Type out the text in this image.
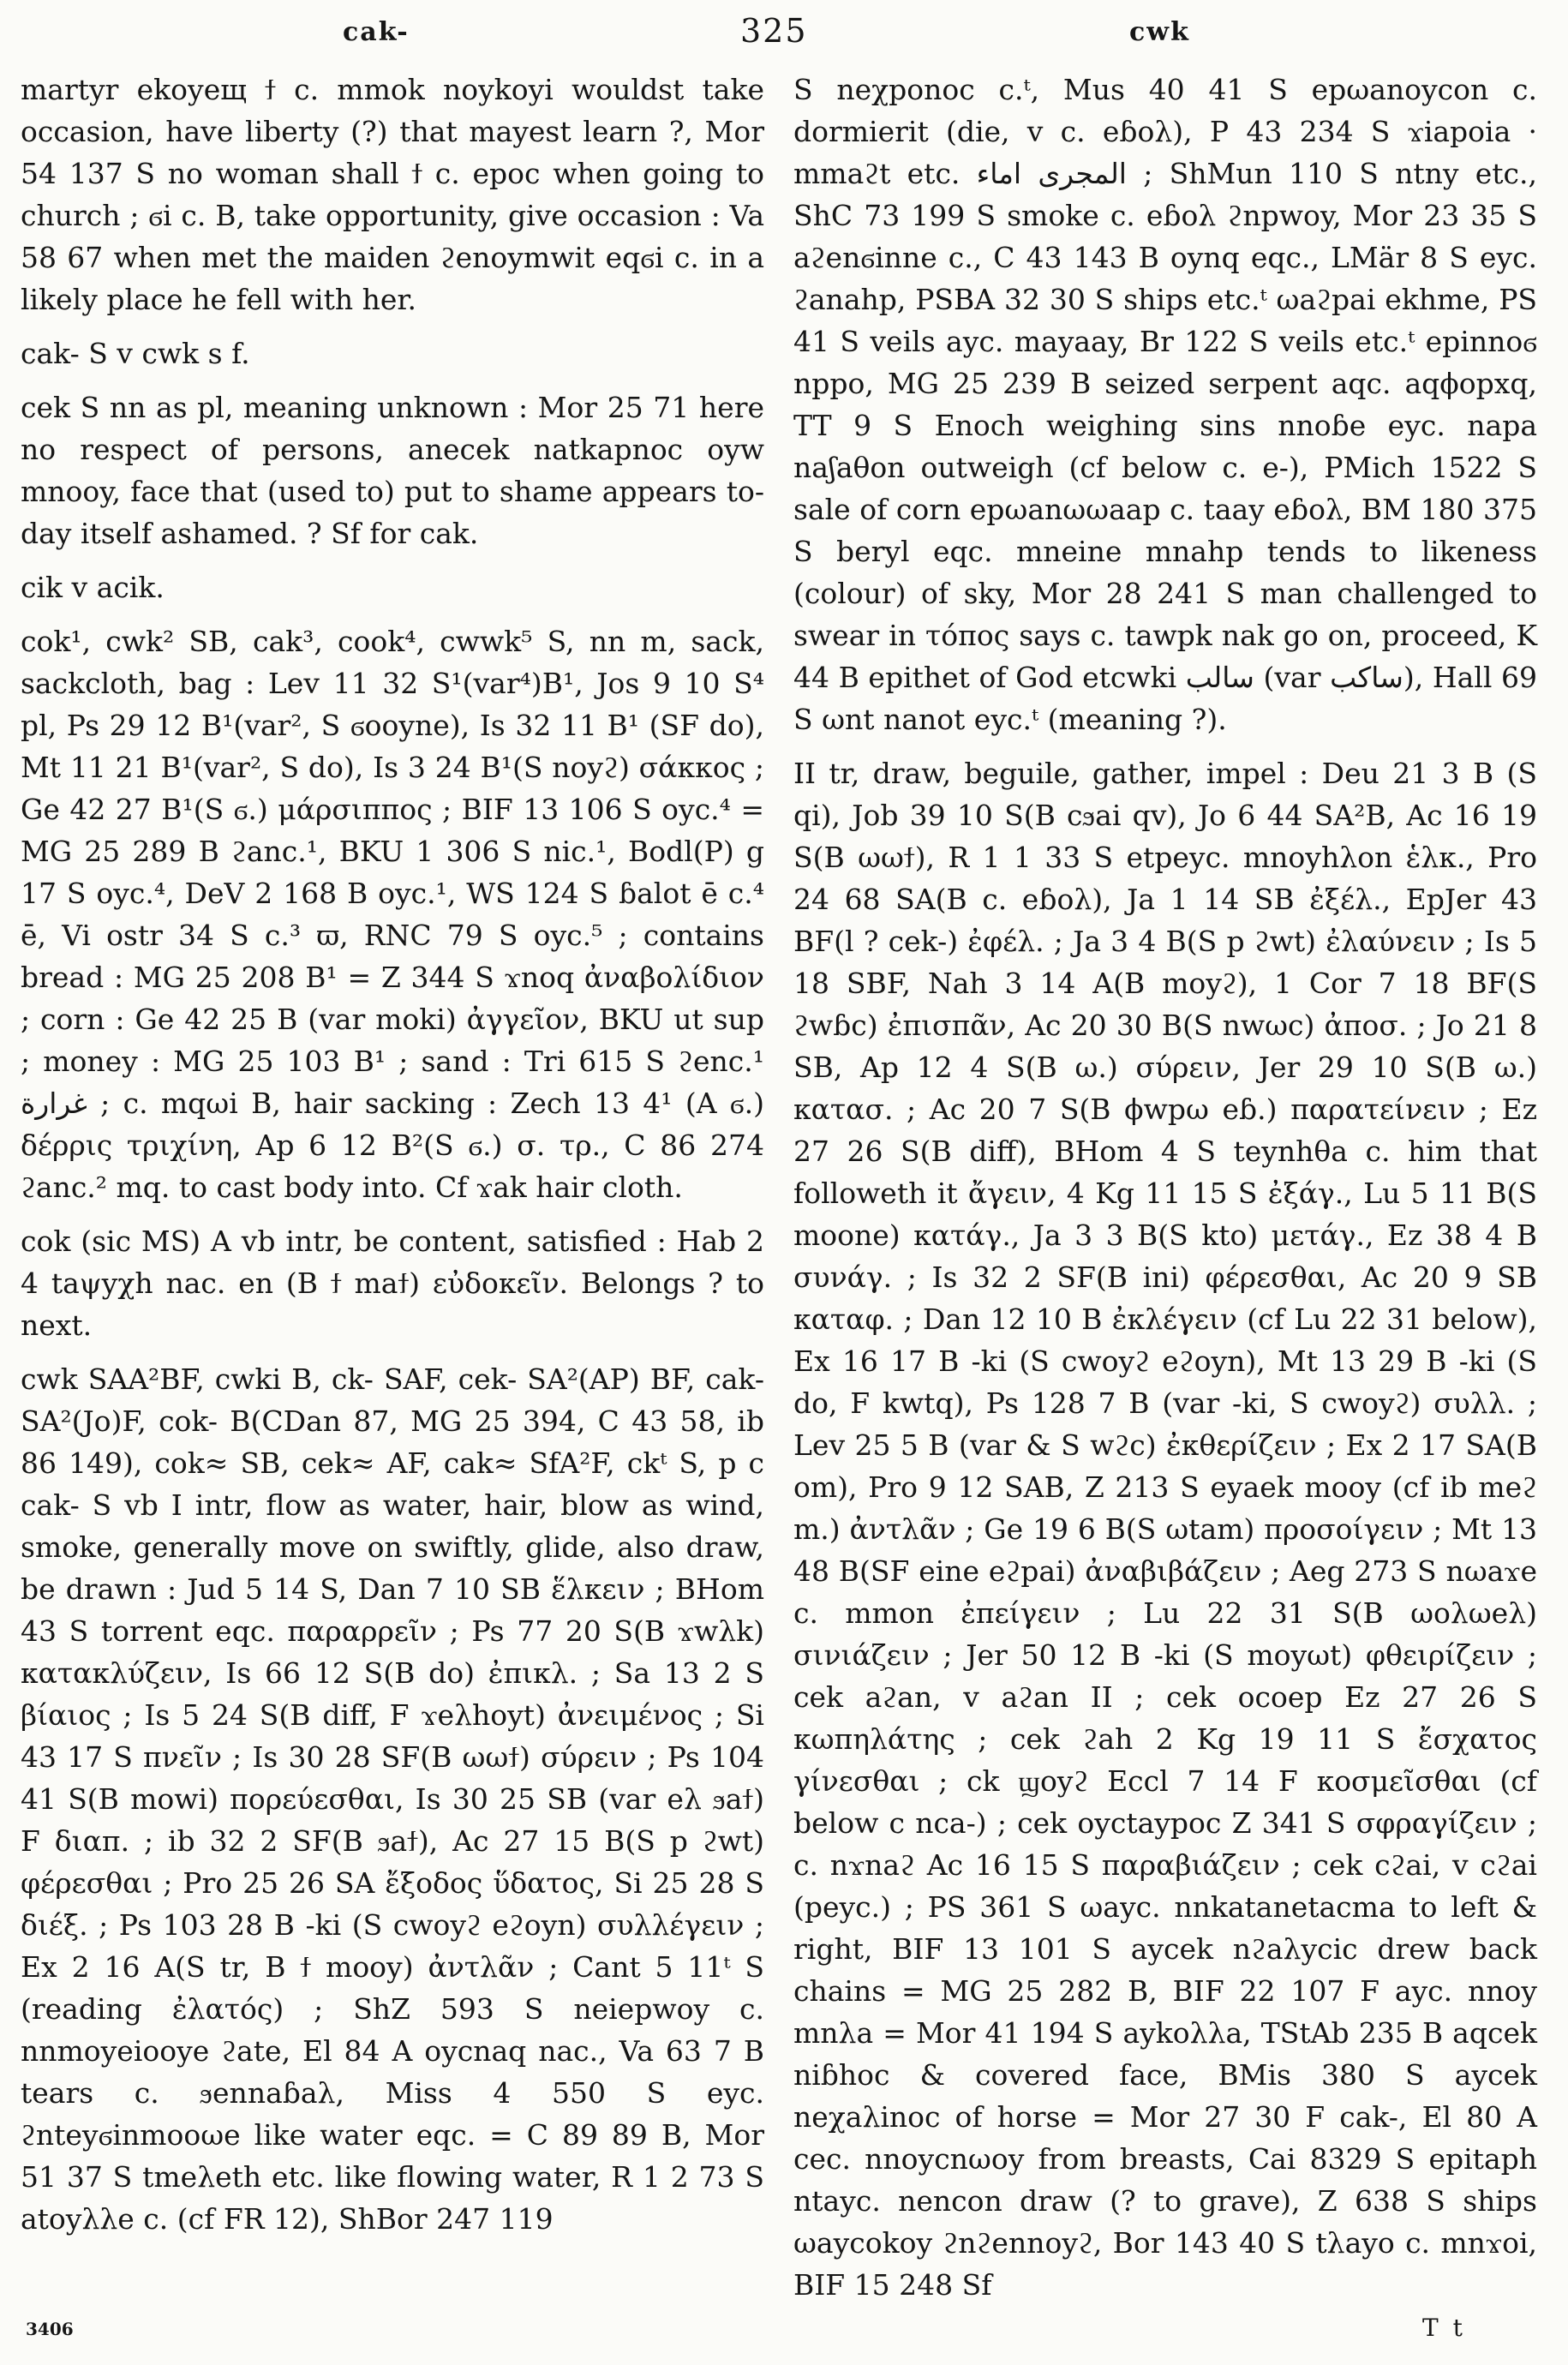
cak-	325	cwk

martyr ekoyeщ ϯ c. mmok noykoyi wouldst take occasion, have liberty (?) that mayest learn ?, Mor 54 137 S no woman shall ϯ c. epoc when going to church ; ϭi c. B, take opportunity, give occasion : Va 58 67 when met the maiden ϩenoymwit eqϭi c. in a likely place he fell with her.

cak- S v cwk s f.

cek S nn as pl, meaning unknown : Mor 25 71 here no respect of persons, anecek natkapnoc oyw mnooy, face that (used to) put to shame appears to-day itself ashamed. ? Sf for cak.

cik v acik.

cok¹, cwk² SB, cak³, cook⁴, cwwk⁵ S, nn m, sack, sackcloth, bag : Lev 11 32 S¹(var⁴)B¹, Jos 9 10 S⁴ pl, Ps 29 12 B¹(var², S ϭooyne), Is 32 11 B¹ (SF do), Mt 11 21 B¹(var², S do), Is 3 24 B¹(S noyϩ) σάκκος ; Ge 42 27 B¹(S ϭ.) μάρσιππος ; BIF 13 106 S oyc.⁴ = MG 25 289 B ϩanc.¹, BKU 1 306 S nic.¹, Bodl(P) g 17 S oyc.⁴, DeV 2 168 B oyc.¹, WS 124 S ɓalot ē c.⁴ ē, Vi ostr 34 S c.³ ϖ, RNC 79 S oyc.⁵ ; contains bread : MG 25 208 B¹ = Z 344 S ϫnoq ἀναβολίδιον ; corn : Ge 42 25 B (var moki) ἀγγεῖον, BKU ut sup ; money : MG 25 103 B¹ ; sand : Tri 615 S ϩenc.¹ غرارة ; c. mqωi B, hair sacking : Zech 13 4¹ (A ϭ.) δέρρις τριχίνη, Ap 6 12 B²(S ϭ.) σ. τρ., C 86 274 ϩanc.² mq. to cast body into. Cf ϫak hair cloth.

cok (sic MS) A vb intr, be content, satisfied : Hab 2 4 taψyχh nac. en (B ϯ maϯ) εὐδοκεῖν. Belongs ? to next.

cwk SAA²BF, cwki B, ck- SAF, cek- SA²(AP) BF, cak- SA²(Jo)F, cok- B(CDan 87, MG 25 394, C 43 58, ib 86 149), cok≈ SB, cek≈ AF, cak≈ SfA²F, ckᵗ S, p c cak- S vb I intr, flow as water, hair, blow as wind, smoke, generally move on swiftly, glide, also draw, be drawn : Jud 5 14 S, Dan 7 10 SB ἕλκειν ; BHom 43 S torrent eqc. παραρρεῖν ; Ps 77 20 S(B ϫwλk) κατακλύζειν, Is 66 12 S(B do) ἐπικλ. ; Sa 13 2 S βίαιος ; Is 5 24 S(B diff, F ϫeλhoyt) ἀνειμένος ; Si 43 17 S πνεῖν ; Is 30 28 SF(B ωωϯ) σύρειν ; Ps 104 41 S(B mowi) πορεύεσθαι, Is 30 25 SB (var eλ ϧaϯ) F διαπ. ; ib 32 2 SF(B ϧaϯ), Ac 27 15 B(S p ϩwt) φέρεσθαι ; Pro 25 26 SA ἔξοδος ὕδατος, Si 25 28 S διέξ. ; Ps 103 28 B -ki (S cwoyϩ eϩoyn) συλλέγειν ; Ex 2 16 A(S tr, B ϯ mooy) ἀντλᾶν ; Cant 5 11ᵗ S (reading ἐλατός) ; ShZ 593 S neiepwoy c. nnmoyeiooye ϩate, El 84 A oycnaq nac., Va 63 7 B tears c. ϧennaɓaλ, Miss 4 550 S eyc. ϩnteyϭinmooωe like water eqc. = C 89 89 B, Mor 51 37 S tmeλeth etc. like flowing water, R 1 2 73 S atoyλλe c. (cf FR 12), ShBor 247 119

S neχponoc c.ᵗ, Mus 40 41 S epωanoycon c. dormierit (die, v c. eɓoλ), P 43 234 S ϫiapoia · mmaϩt etc. المجرى اماء ; ShMun 110 S ntny etc., ShC 73 199 S smoke c. eɓoλ ϩnpwoy, Mor 23 35 S aϩenϭinne c., C 43 143 B oynq eqc., LMär 8 S eyc. ϩanahp, PSBA 32 30 S ships etc.ᵗ ωaϩpai ekhme, PS 41 S veils ayc. mayaay, Br 122 S veils etc.ᵗ epinnoϭ nppo, MG 25 239 B seized serpent aqc. aqϕopxq, TT 9 S Enoch weighing sins nnoɓe eyc. napa naʃaθon outweigh (cf below c. e-), PMich 1522 S sale of corn epωanωωaap c. taay eɓoλ, BM 180 375 S beryl eqc. mneine mnahp tends to likeness (colour) of sky, Mor 28 241 S man challenged to swear in τόπος says c. tawpk nak go on, proceed, K 44 B epithet of God etcwki سالب (var ساكب), Hall 69 S ωnt nanot eyc.ᵗ (meaning ?).

II tr, draw, beguile, gather, impel : Deu 21 3 B (S qi), Job 39 10 S(B cϧai qv), Jo 6 44 SA²B, Ac 16 19 S(B ωωϯ), R 1 1 33 S etpeyc. mnoyhλon ἑλκ., Pro 24 68 SA(B c. eɓoλ), Ja 1 14 SB ἐξέλ., EpJer 43 BF(l ? cek-) ἐφέλ. ; Ja 3 4 B(S p ϩwt) ἐλαύνειν ; Is 5 18 SBF, Nah 3 14 A(B moyϩ), 1 Cor 7 18 BF(S ϩwɓc) ἐπισπᾶν, Ac 20 30 B(S nwωc) ἀποσ. ; Jo 21 8 SB, Ap 12 4 S(B ω.) σύρειν, Jer 29 10 S(B ω.) κατασ. ; Ac 20 7 S(B ϕwpω eɓ.) παρατείνειν ; Ez 27 26 S(B diff), BHom 4 S teynhθa c. him that followeth it ἄγειν, 4 Kg 11 15 S ἐξάγ., Lu 5 11 B(S moone) κατάγ., Ja 3 3 B(S kto) μετάγ., Ez 38 4 B συνάγ. ; Is 32 2 SF(B ini) φέρεσθαι, Ac 20 9 SB καταφ. ; Dan 12 10 B ἐκλέγειν (cf Lu 22 31 below), Ex 16 17 B -ki (S cwoyϩ eϩoyn), Mt 13 29 B -ki (S do, F kwtq), Ps 128 7 B (var -ki, S cwoyϩ) συλλ. ; Lev 25 5 B (var & S wϩc) ἐκθερίζειν ; Ex 2 17 SA(B om), Pro 9 12 SAB, Z 213 S eyaek mooy (cf ib meϩ m.) ἀντλᾶν ; Ge 19 6 B(S ωtam) προσοίγειν ; Mt 13 48 B(SF eine eϩpai) ἀναβιβάζειν ; Aeg 273 S nωaϫe c. mmon ἐπείγειν ; Lu 22 31 S(B ωoλωeλ) σινιάζειν ; Jer 50 12 B -ki (S moyωt) φθειρίζειν ; cek aϩan, v aϩan II ; cek ocoep Ez 27 26 S κωπηλάτης ; cek ϩah 2 Kg 19 11 S ἔσχατος γίνεσθαι ; ck ϣoyϩ Eccl 7 14 F κοσμεῖσθαι (cf below c nca-) ; cek oyctaypoc Z 341 S σφραγίζειν ; c. nϫnaϩ Ac 16 15 S παραβιάζειν ; cek cϩai, v cϩai (peyc.) ; PS 361 S ωayc. nnkatanetacma to left & right, BIF 13 101 S aycek nϩaλycic drew back chains = MG 25 282 B, BIF 22 107 F ayc. nnoy mnλa = Mor 41 194 S aykoλλa, TStAb 235 B aqcek niɓhoc & covered face, BMis 380 S aycek neχaλinoc of horse = Mor 27 30 F cak-, El 80 A cec. nnoycnωoy from breasts, Cai 8329 S epitaph ntayc. nencon draw (? to grave), Z 638 S ships ωaycokoy ϩnϩennoyϩ, Bor 143 40 S tλayo c. mnϫoi, BIF 15 248 Sf

3406	T t
